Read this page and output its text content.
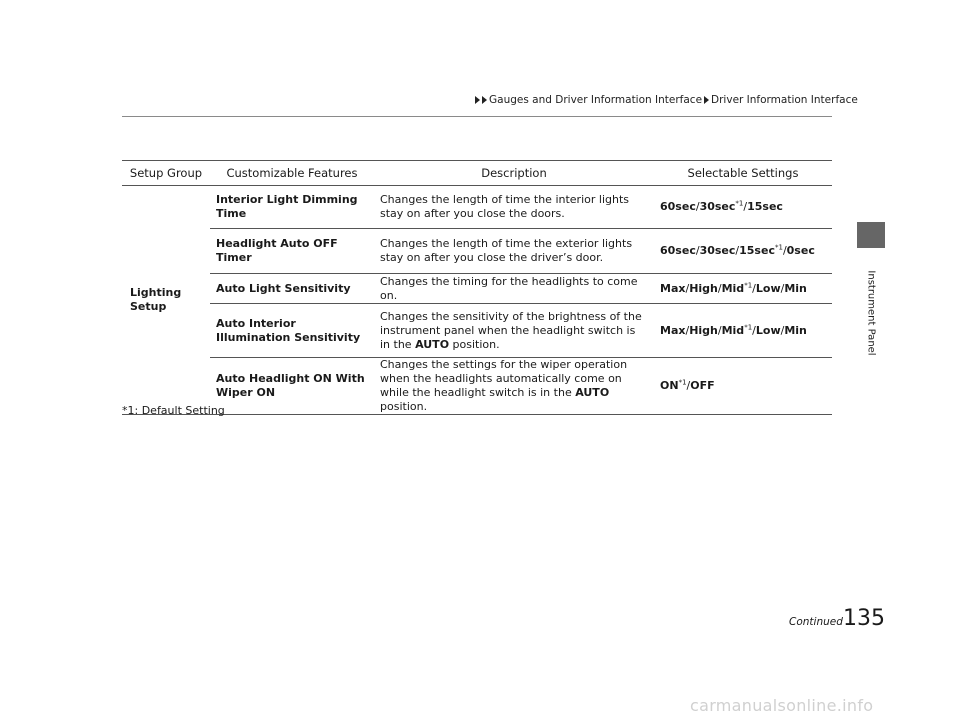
Gauges and Driver Information Interface Driver Information Interface
Instrument Panel
Setup Group	Customizable Features	Description	Selectable Settings
Lighting Setup	Interior Light Dimming Time	Changes the length of time the interior lights stay on after you close the doors.	$60\sec/30\sec^{*1}/15\sec$
	Headlight Auto OFF Timer	Changes the length of time the exterior lights stay on after you close the driver’s door.	$60\sec/30\sec/15\sec^{*1}/0\sec$
	Auto Light Sensitivity	Changes the timing for the headlights to come on.	Max/High/Mid$^{*1}$/Low/Min
	Auto Interior Illumination Sensitivity	Changes the sensitivity of the brightness of the instrument panel when the headlight switch is in the AUTO position.	Max/High/Mid$^{*1}$/Low/Min
	Auto Headlight ON With Wiper ON	Changes the settings for the wiper operation when the headlights automatically come on while the headlight switch is in the AUTO position.	ON$^{*1}$/OFF
*1: Default Setting
Continued 135
carmanualsonline.info
